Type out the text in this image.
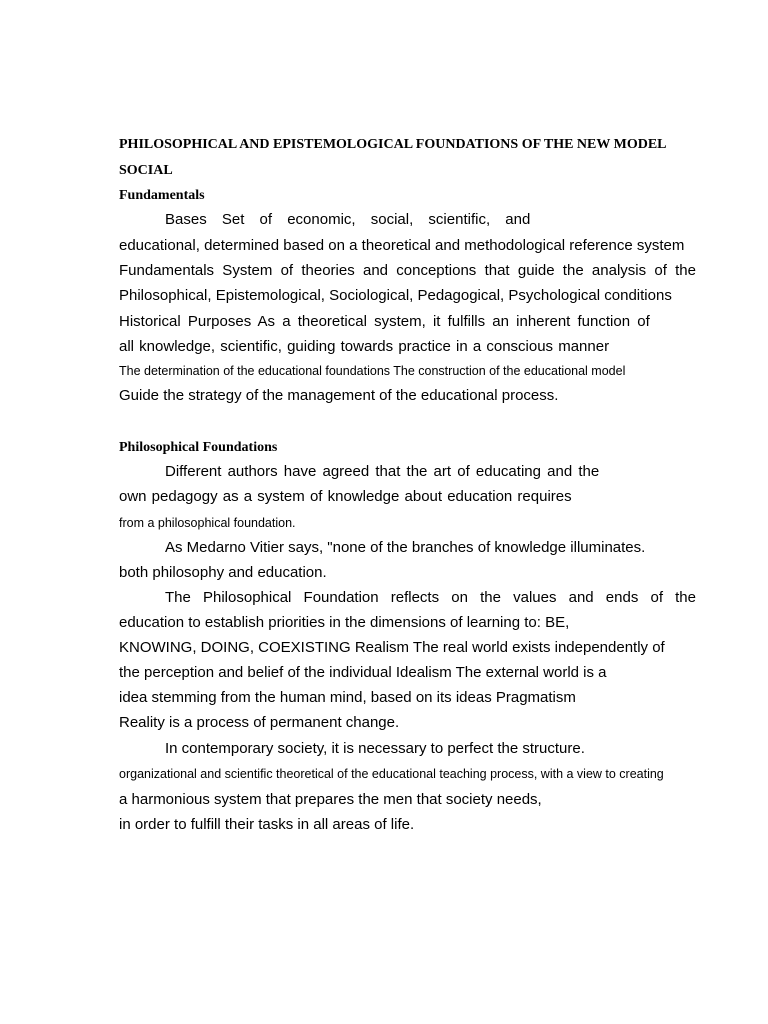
PHILOSOPHICAL AND EPISTEMOLOGICAL FOUNDATIONS OF THE NEW MODEL

SOCIAL

Fundamentals

Bases Set of economic, social, scientific, and

educational, determined based on a theoretical and methodological reference system

Fundamentals System of theories and conceptions that guide the analysis of the

Philosophical, Epistemological, Sociological, Pedagogical, Psychological conditions

Historical Purposes As a theoretical system, it fulfills an inherent function of

all knowledge, scientific, guiding towards practice in a conscious manner

The determination of the educational foundations The construction of the educational model

Guide the strategy of the management of the educational process.

Philosophical Foundations

Different authors have agreed that the art of educating and the

own pedagogy as a system of knowledge about education requires

from a philosophical foundation.

As Medarno Vitier says, "none of the branches of knowledge illuminates.

both philosophy and education.

The Philosophical Foundation reflects on the values and ends of the

education to establish priorities in the dimensions of learning to: BE,

KNOWING, DOING, COEXISTING Realism The real world exists independently of

the perception and belief of the individual Idealism The external world is a

idea stemming from the human mind, based on its ideas Pragmatism

Reality is a process of permanent change.

In contemporary society, it is necessary to perfect the structure.

organizational and scientific theoretical of the educational teaching process, with a view to creating

a harmonious system that prepares the men that society needs,

in order to fulfill their tasks in all areas of life.
